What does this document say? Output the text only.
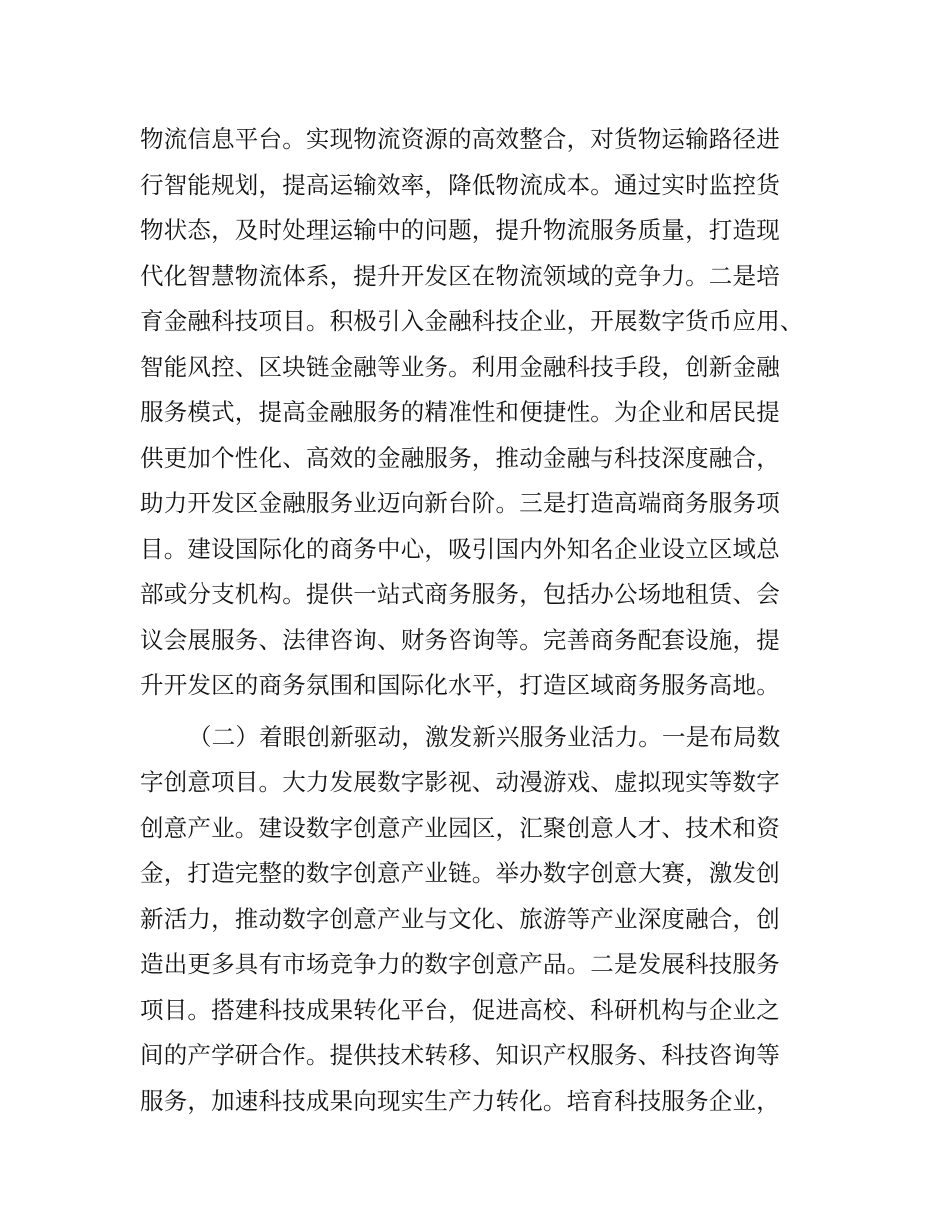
物流信息平台。实现物流资源的高效整合，对货物运输路径进
行智能规划，提高运输效率，降低物流成本。通过实时监控货
物状态，及时处理运输中的问题，提升物流服务质量，打造现
代化智慧物流体系，提升开发区在物流领域的竞争力。二是培
育金融科技项目。积极引入金融科技企业，开展数字货币应用、
智能风控、区块链金融等业务。利用金融科技手段，创新金融
服务模式，提高金融服务的精准性和便捷性。为企业和居民提
供更加个性化、高效的金融服务，推动金融与科技深度融合，
助力开发区金融服务业迈向新台阶。三是打造高端商务服务项
目。建设国际化的商务中心，吸引国内外知名企业设立区域总
部或分支机构。提供一站式商务服务，包括办公场地租赁、会
议会展服务、法律咨询、财务咨询等。完善商务配套设施，提
升开发区的商务氛围和国际化水平，打造区域商务服务高地。
（二）着眼创新驱动，激发新兴服务业活力。一是布局数
字创意项目。大力发展数字影视、动漫游戏、虚拟现实等数字
创意产业。建设数字创意产业园区，汇聚创意人才、技术和资
金，打造完整的数字创意产业链。举办数字创意大赛，激发创
新活力，推动数字创意产业与文化、旅游等产业深度融合，创
造出更多具有市场竞争力的数字创意产品。二是发展科技服务
项目。搭建科技成果转化平台，促进高校、科研机构与企业之
间的产学研合作。提供技术转移、知识产权服务、科技咨询等
服务，加速科技成果向现实生产力转化。培育科技服务企业，
